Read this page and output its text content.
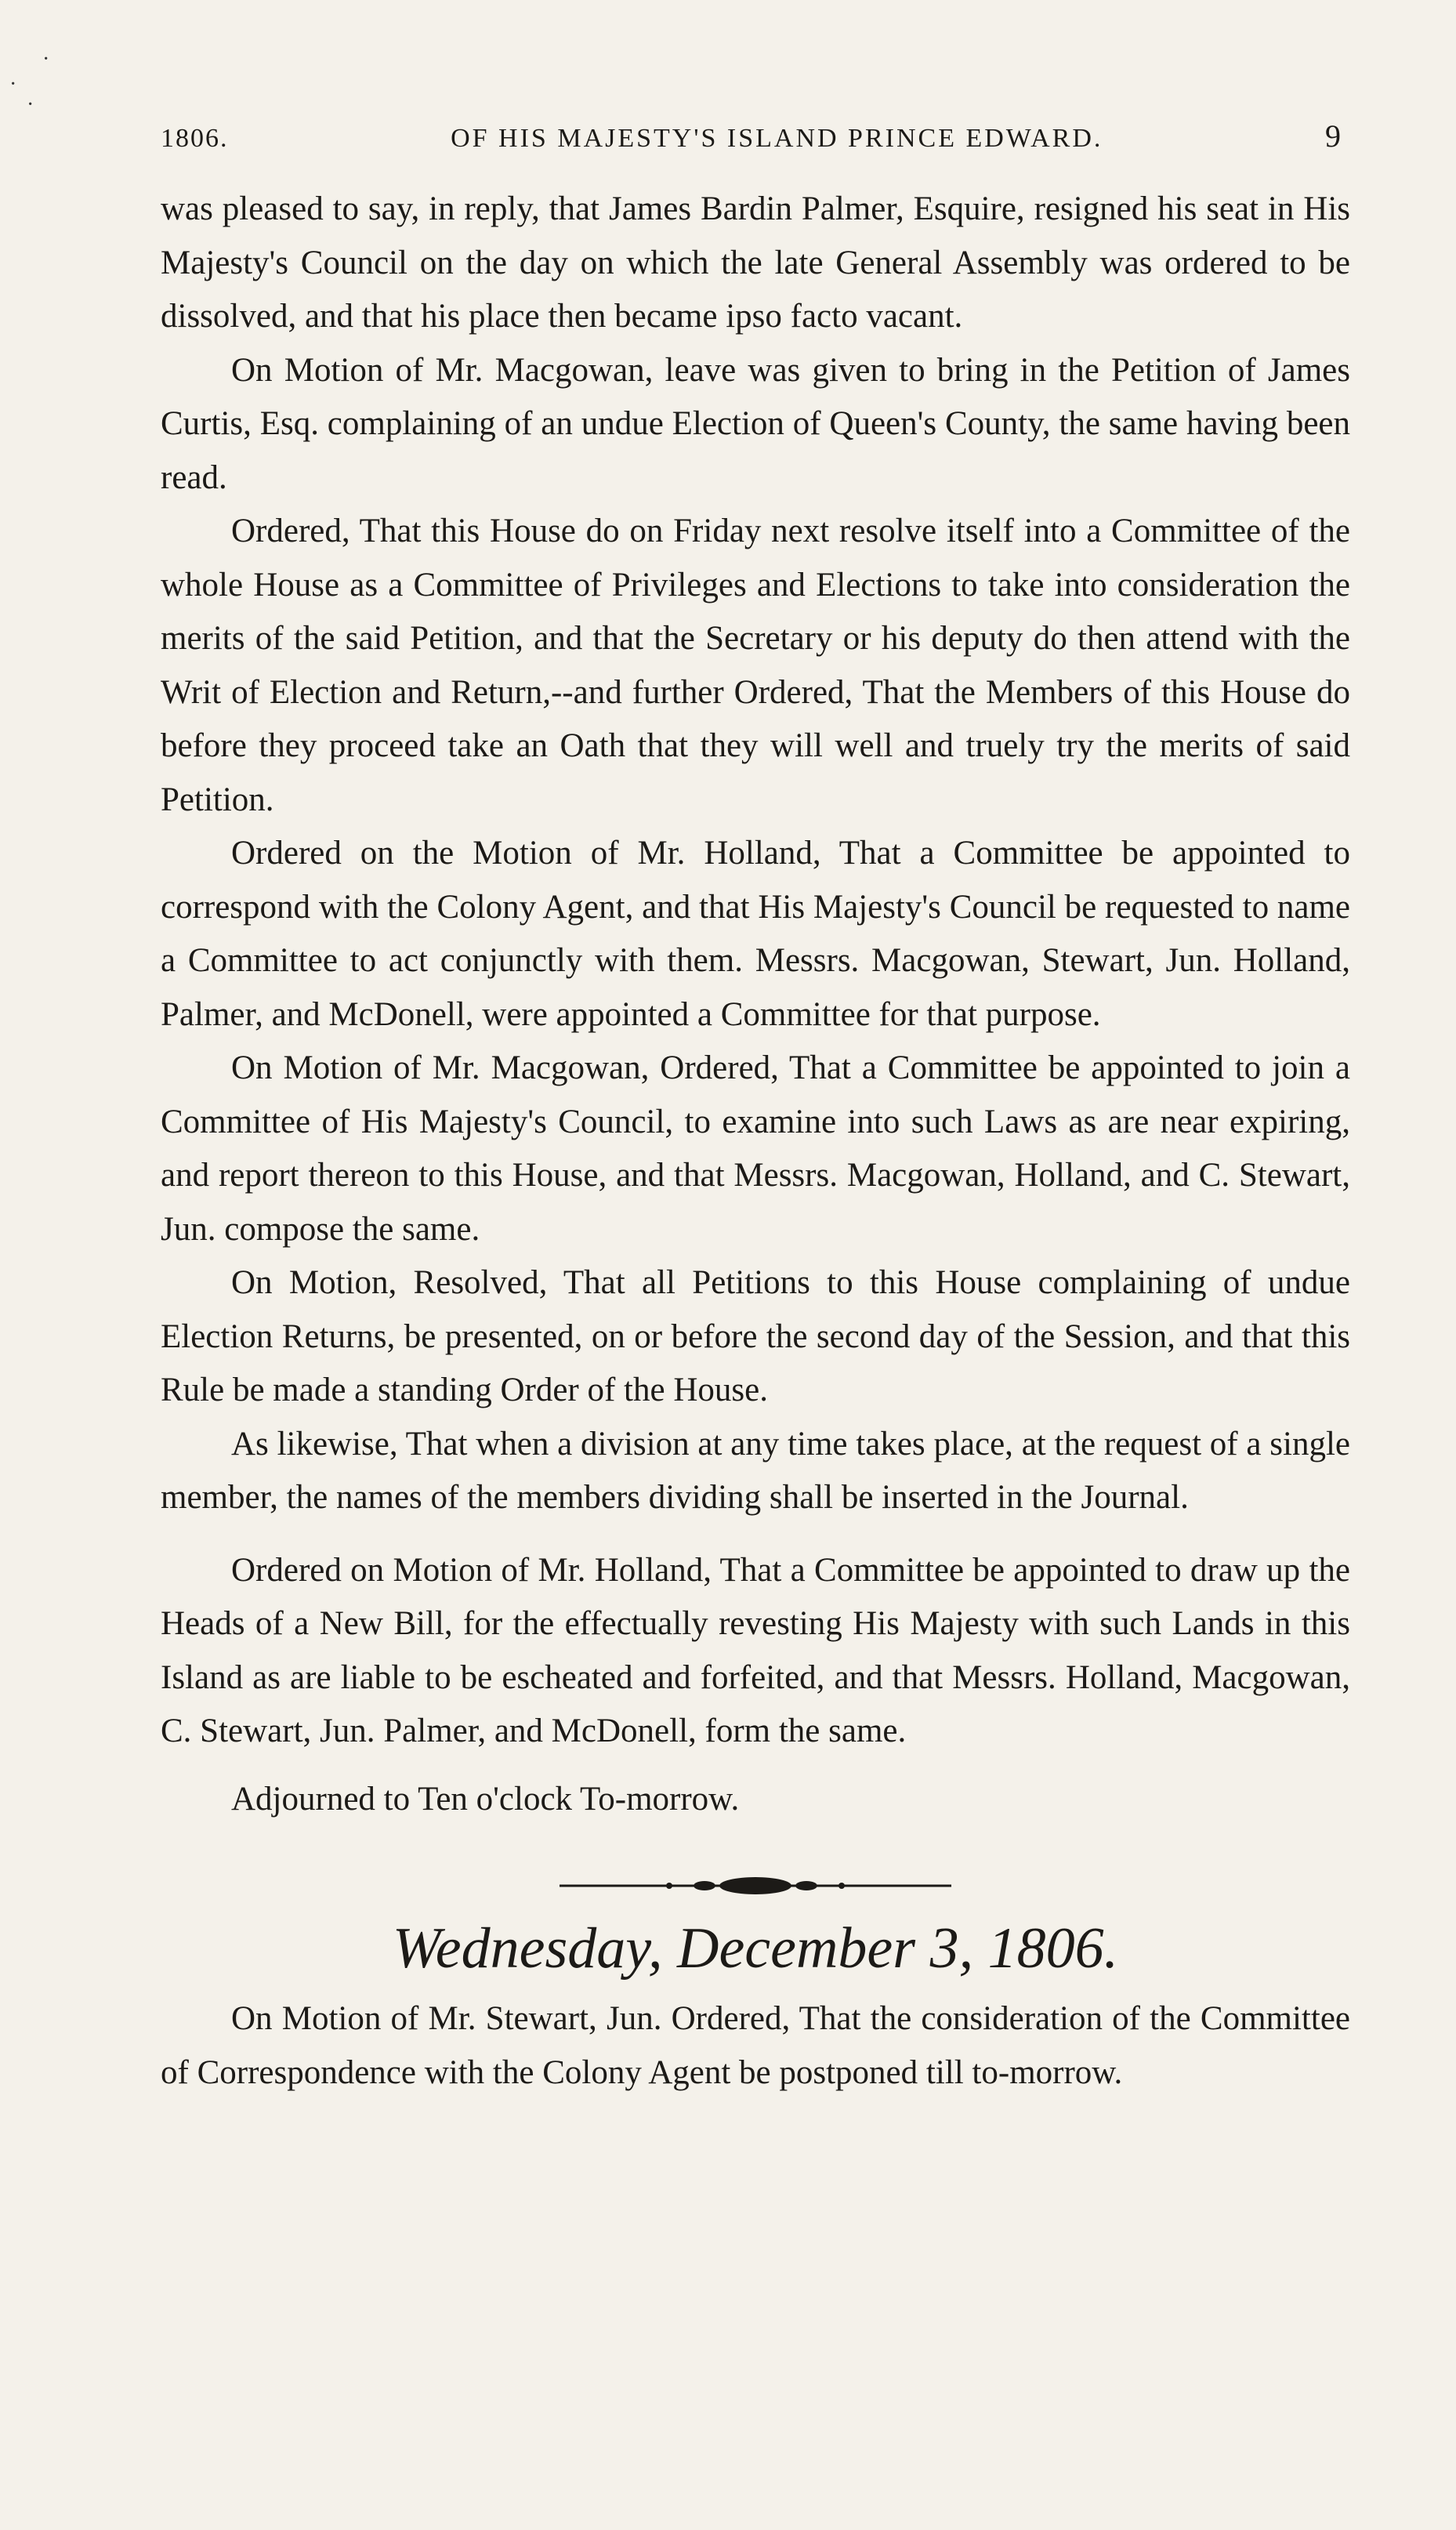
1806.	OF HIS MAJESTY'S ISLAND PRINCE EDWARD.	9

was pleased to say, in reply, that James Bardin Palmer, Esquire, resigned his seat in His Majesty's Council on the day on which the late General Assembly was ordered to be dissolved, and that his place then became ipso facto vacant.

On Motion of Mr. Macgowan, leave was given to bring in the Petition of James Curtis, Esq. complaining of an undue Election of Queen's County, the same having been read.

Ordered, That this House do on Friday next resolve itself into a Committee of the whole House as a Committee of Privileges and Elections to take into consideration the merits of the said Petition, and that the Secretary or his deputy do then attend with the Writ of Election and Return,--and further Ordered, That the Members of this House do before they proceed take an Oath that they will well and truely try the merits of said Petition.

Ordered on the Motion of Mr. Holland, That a Committee be appointed to correspond with the Colony Agent, and that His Majesty's Council be requested to name a Committee to act conjunctly with them. Messrs. Macgowan, Stewart, Jun. Holland, Palmer, and McDonell, were appointed a Committee for that purpose.

On Motion of Mr. Macgowan, Ordered, That a Committee be appointed to join a Committee of His Majesty's Council, to examine into such Laws as are near expiring, and report thereon to this House, and that Messrs. Macgowan, Holland, and C. Stewart, Jun. compose the same.

On Motion, Resolved, That all Petitions to this House complaining of undue Election Returns, be presented, on or before the second day of the Session, and that this Rule be made a standing Order of the House.

As likewise, That when a division at any time takes place, at the request of a single member, the names of the members dividing shall be inserted in the Journal.

Ordered on Motion of Mr. Holland, That a Committee be appointed to draw up the Heads of a New Bill, for the effectually revesting His Majesty with such Lands in this Island as are liable to be escheated and forfeited, and that Messrs. Holland, Macgowan, C. Stewart, Jun. Palmer, and McDonell, form the same.

Adjourned to Ten o'clock To-morrow.

Wednesday, December 3, 1806.

On Motion of Mr. Stewart, Jun. Ordered, That the consideration of the Committee of Correspondence with the Colony Agent be postponed till to-morrow.

·
·
·
